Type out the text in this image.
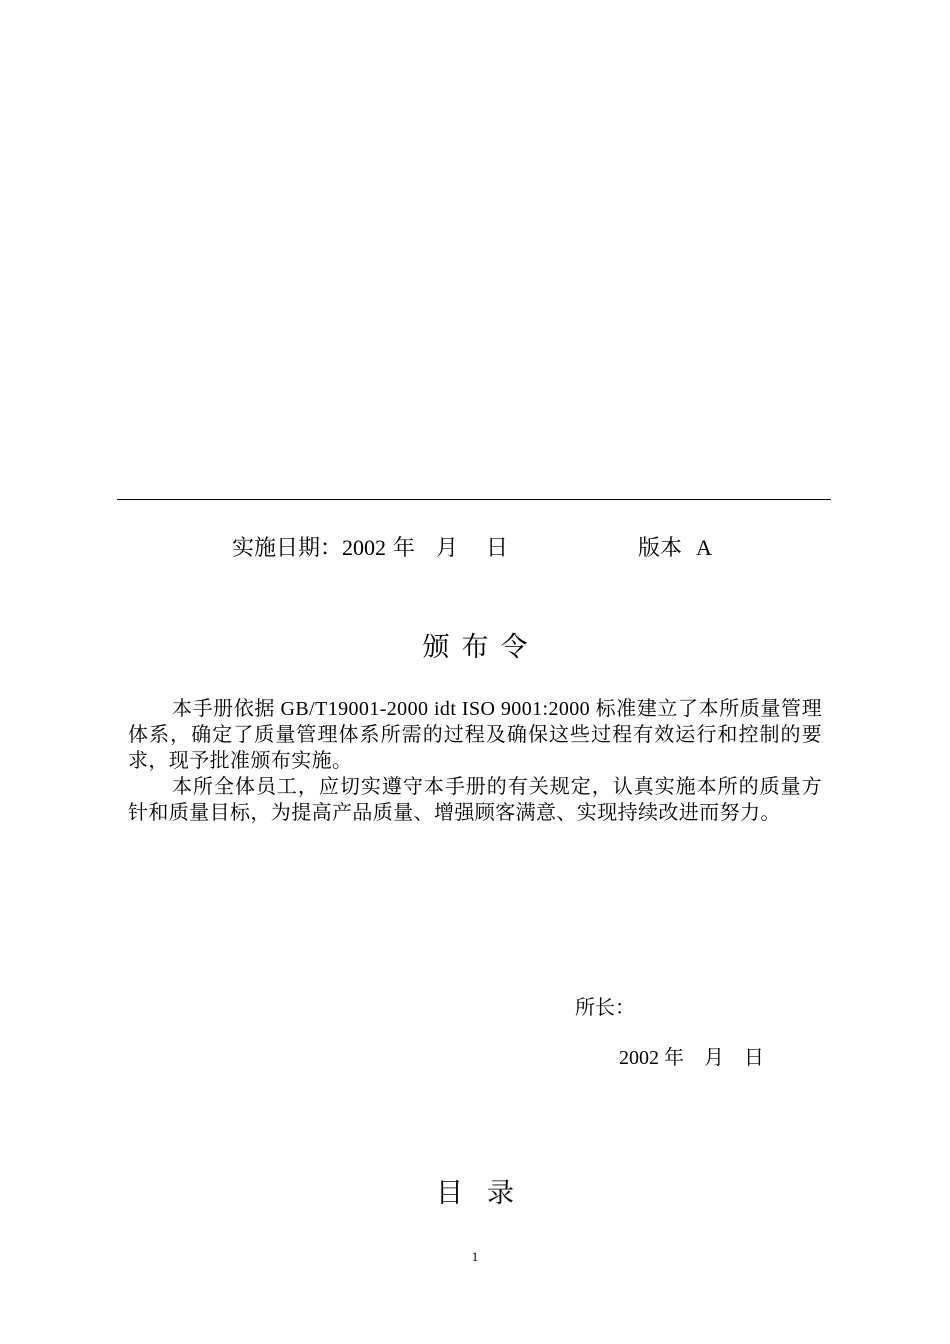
实施日期：2002 年   月    日	版本  A
颁布令

本手册依据 GB/T19001-2000 idt ISO 9001:2000 标准建立了本所质量管理体系，确定了质量管理体系所需的过程及确保这些过程有效运行和控制的要求，现予批准颁布实施。

本所全体员工，应切实遵守本手册的有关规定，认真实施本所的质量方针和质量目标，为提高产品质量、增强顾客满意、实现持续改进而努力。

所长：
2002 年    月    日
目录
1
